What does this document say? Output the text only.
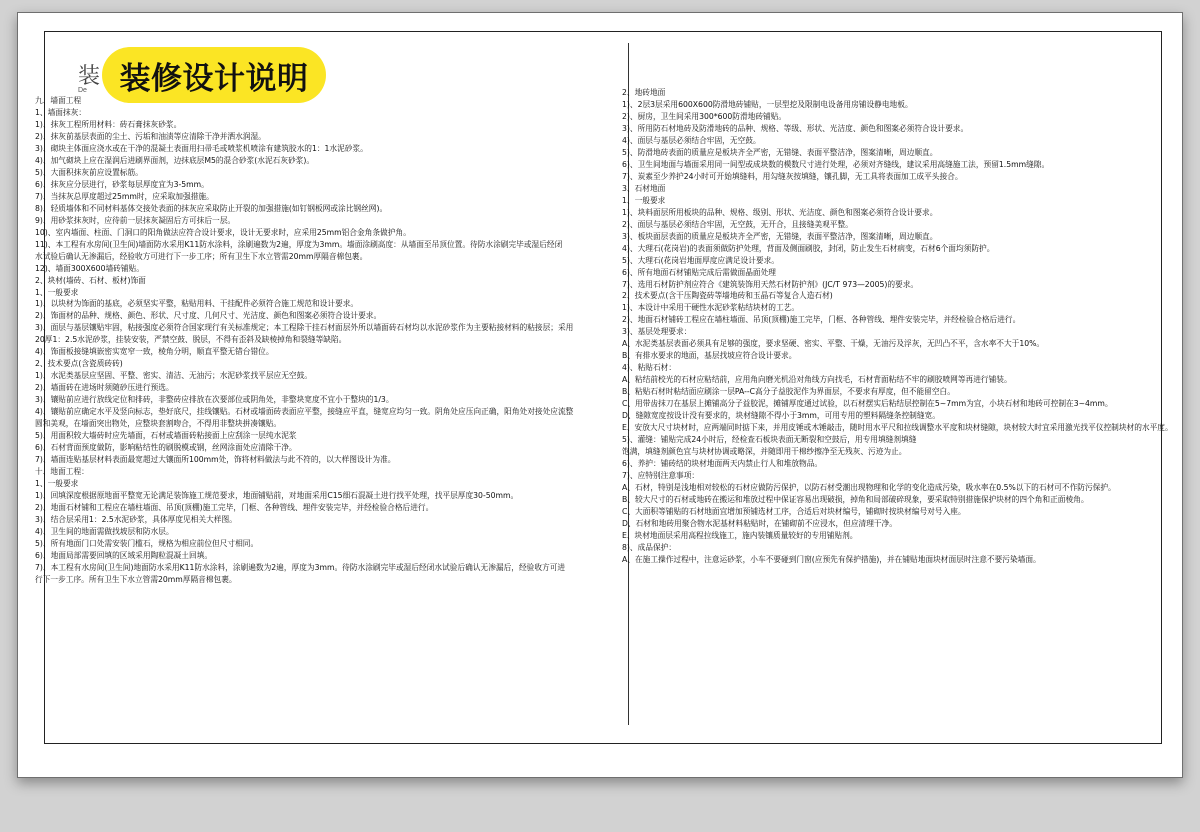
装
De 装修设计说明
九、墙面工程
1、墙面抹灰：
1)、抹灰工程所用材料：砖石膏抹灰砂浆。
2)、抹灰前基层表面的尘土、污垢和油渍等应清除干净并洒水润湿。
3)、砌块主体面应浇水或在干净的混凝土表面用扫帚毛或喷浆机喷涂有建筑胶水的1：1水泥砂浆。
4)、加气砌块上应在湿润后进刷界面剂，边抹底层M5的混合砂浆(水泥石灰砂浆)。
5)、大面积抹灰前应设置标筋。
6)、抹灰应分层进行，砂浆每层厚度宜为3-5mm。
7)、当抹灰总厚度超过25mm时，应采取加强措施。
8)、轻质墙体和不同材料基体交接处表面的抹灰应采取防止开裂的加强措施(如钉钢板网或涂比钢丝网)。
9)、用砂浆抹灰时，应待前一层抹灰凝固后方可抹后一层。
10)、室内墙面、柱面、门洞口的阳角做法应符合设计要求，设计无要求时，应采用25mm铝合金角条做护角。
11)、本工程有水房间(卫生间)墙面防水采用K11防水涂料，涂刷遍数为2遍，厚度为3mm。墙面涂刷高度：从墙面至吊顶位置。待防水涂刷完毕或湿后经闭
水试验后确认无渗漏后，经验收方可进行下一步工序；所有卫生下水立管需20mm厚隔音棉包裹。
12)、墙面300X600墙砖铺贴。
2、块材(墙砖、石材、板材)饰面
1、一般要求
1)、以块材为饰面的基底，必须坚实平整，粘贴用料、干挂配件必须符合施工规范和设计要求。
2)、饰面材的品种、规格、颜色、形状、尺寸度、几何尺寸、光洁度、颜色和图案必须符合设计要求。
3)、面层与基层镶贴牢固，粘接强度必须符合国家现行有关标准规定；本工程除干挂石材面层外所以墙面砖石材均以水泥砂浆作为主要粘接材料的粘接层；采用
20厚1：2.5水泥砂浆，挂装安装，严禁空鼓、脱层，不得有歪斜及缺棱掉角和裂缝等缺陷。
4)、饰面板接缝填嵌密实宽窄一致，棱角分明，顺直平整无错台错位。
2、技术要点(含瓷质砖砖)
1)、水泥类基层应坚固、平整、密实、清洁、无油污；水泥砂浆找平层应无空鼓。
2)、墙面砖在进场时须随砂压进行预选。
3)、镶贴前应进行放线定位和排砖，非整砖应排放在次要部位或阴角处，非整块宽度不宜小于整块的1/3。
4)、镶贴前应确定水平及竖向标志，垫好底尺，挂线镶贴。石材或墙面砖表面应平整，接缝应平直，缝宽应均匀一致。阴角处应压向正确，阳角处对接处应流整
圆和美观，在墙面突出物处，应整块套割吻合，不得用非整块拼凑镶贴。
5)、用面积较大墙砖时应先墙面，石材或墙面砖粘接面上应刮涂一层纯水泥浆
6)、石材背面预度做防，影响粘结性的刷脱模或钢，丝网涂面处应清除干净。
7)、墙面连贴基层材料表面最宽超过大镶面所100mm处，饰将材料做法与此不符的，以大样图设计为准。
十、地面工程：
1、一般要求
1)、回填深度根据原地面平整宽无论满足装饰施工规范要求，地面铺贴前，对地面采用C15细石混凝土进行找平处理，找平层厚度30-50mm。
2)、地面石材铺和工程应在墙柱墙面、吊顶(顶棚)施工完毕，门框、各种管线、埋件安装完毕，并经检验合格后进行。
3)、结合层采用1：2.5水泥砂浆，具体厚度见相关大样图。
4)、卫生间的地面需做找坡层和防水层。
5)、所有地面门口处需安装门槛石，规格为相应前位但尺寸相同。
6)、地面局部需要回填的区域采用陶粒混凝土回填。
7)、本工程有水房间(卫生间)地面防水采用K11防水涂料，涂刷遍数为2遍，厚度为3mm。待防水涂刷完毕或湿后经闭水试验后确认无渗漏后，经验收方可进
行下一步工序。所有卫生下水立管需20mm厚隔音棉包裹。
2、地砖地面
1)、2层3层采用600X600防滑地砖铺贴，一层型挖及限制电设备用房铺设静电地板。
2)、厨房，卫生间采用300*600防滑地砖铺贴。
3)、所用防石材地砖及防滑地砖的品种、规格、等级、形状、光洁度、颜色和图案必须符合设计要求。
4)、面层与基层必须结合牢固，无空鼓。
5)、防滑地砖表面的质量应是板块齐全严密，无错缝、表面平整洁净，图案清晰，周边顺直。
6)、卫生间地面与墙面采用同一间型或成块数的模数尺寸进行处理，必须对齐缝线，建议采用高缝施工法，预留1.5mm缝隙。
7)、炭素至少养护24小时可开始填缝料，用勾缝灰按填缝，镶孔脚，无工具将表面加工成平头接合。
3、石材地面
1、一般要求
1)、块料面层所用板块的品种、规格、级别、形状、光洁度、颜色和图案必须符合设计要求。
2)、面层与基层必须结合牢固，无空鼓，无开合，且接缝美观平整。
3)、板块面层表面的质量应是板块齐全严密，无错缝，表面平整洁净，图案清晰，周边顺直。
4)、大理石(花岗岩)的表面须做防护处理，背面及侧面刷胶，封闭，防止发生石材病变，石材6个面均须防护。
5)、大理石(花岗岩地面厚度应满足设计要求。
6)、所有地面石材铺贴完成后需做面晶面处理
7)、选用石材防护剂应符合《建筑装饰用天然石材防护剂》(JC/T 973—2005)的要求。
2、技术要点(含干压陶瓷砖等墙地砖和玉晶石等复合人造石材)
1)、本设计中采用干硬性水泥砂浆粘结块材的工艺。
2)、地面石材铺砖工程应在墙柱墙面、吊顶(顶棚)施工完毕，门框、各种管线、埋件安装完毕，并经检验合格后进行。
3)、基层处理要求：
A、水泥类基层表面必须具有足够的强度，要求坚硬、密实、平整、干燥，无油污及浮灰，无凹凸不平，含水率不大于10%。
B、有排水要求的地面，基层找坡应符合设计要求。
4)、粘贴石材：
A、粘结前校光的石材应粘结前，应用角向磨光机沿对角线方向找毛，石材背面粘结不牢的刷胶喷网等再进行铺装。
B、粘贴石材时粘结面应刷涂一层PA--C高分子益胶泥作为界面层，不要求有厚度，但不能留空白。
C、用带齿抹刀在基层上摊铺高分子益胶泥，摊铺厚度通过试验，以石材摆实后粘结层控制在5~7mm为宜，小块石材和地砖可控制在3~4mm。
D、缝隙宽度按设计没有要求的，块材缝隙不得小于3mm，可用专用的塑料隔缝条控制缝宽。
E、安放大尺寸块材时，应两端同时掂下来，并用皮锤或木锤敲击，随时用水平尺和拉线调整水平度和块材缝隙，块材较大时宜采用激光找平仪控制块材的水平度。
5)、灌缝：铺贴完成24小时后，经检查石板块表面无断裂和空鼓后，用专用填缝剂填缝
饱满，填缝剂颜色宜与块材协调或略深，并随即用干棉纱擦净至无残灰、污迹为止。
6)、养护：铺砖结的块材地面两天内禁止行人和堆放物品。
7)、应特别注意事项：
A、石材，特别是浅地相对较松的石材应做防污保护，以防石材受潮出现物理和化学的变化造成污染，吸水率在0.5%以下的石材可不作防污保护。
B、较大尺寸的石材或地砖在搬运和堆放过程中保证容易出现破损，掉角和局部破碎现象，要采取特别措施保护块材的四个角和正面棱角。
C、大面积等铺贴的石材地面宜增加预铺选材工序，合适后对块材编号，铺砌时按块材编号对号入座。
D、石材和地砖用聚合物水泥基材料粘贴时，在铺砌前不应浸水，但应清理干净。
E、块材地面层采用高程拉线施工，施内装镶质量较好的专用铺贴剂。
8)、成品保护：
A、在施工操作过程中，注意运砂浆，小车不要碰到门窗(应预先有保护措施)，并在铺贴地面块材面层时注意不要污染墙面。
